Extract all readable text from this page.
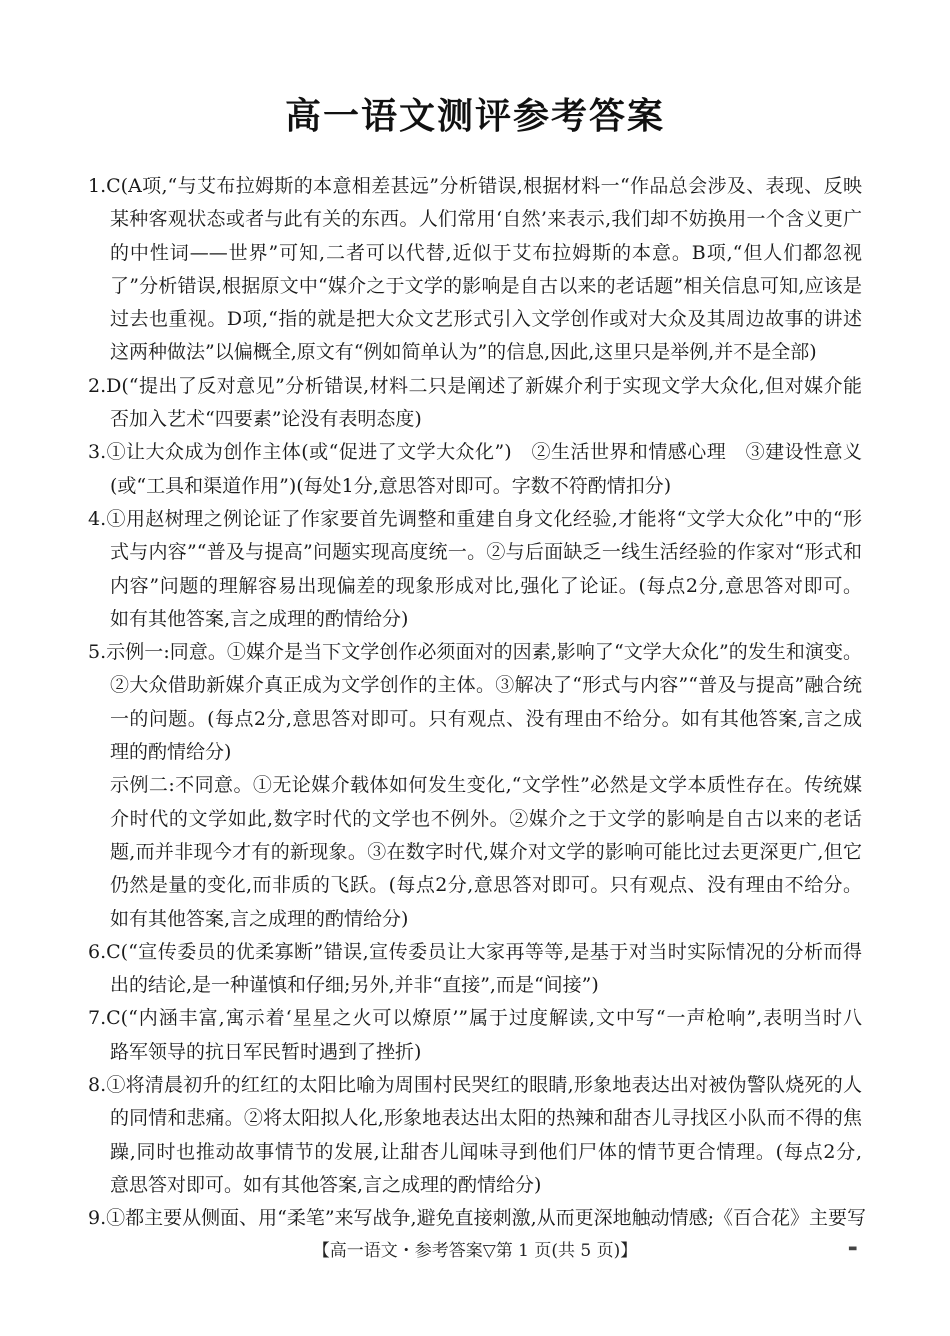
高一语文测评参考答案
1.C(A项,“与艾布拉姆斯的本意相差甚远”分析错误,根据材料一“作品总会涉及、表现、反映
某种客观状态或者与此有关的东西。人们常用‘自然’来表示,我们却不妨换用一个含义更广
的中性词——世界”可知,二者可以代替,近似于艾布拉姆斯的本意。B项,“但人们都忽视
了”分析错误,根据原文中“媒介之于文学的影响是自古以来的老话题”相关信息可知,应该是
过去也重视。D项,“指的就是把大众文艺形式引入文学创作或对大众及其周边故事的讲述
这两种做法”以偏概全,原文有“例如简单认为”的信息,因此,这里只是举例,并不是全部)
2.D(“提出了反对意见”分析错误,材料二只是阐述了新媒介利于实现文学大众化,但对媒介能
否加入艺术“四要素”论没有表明态度)
3.①让大众成为创作主体(或“促进了文学大众化”)　②生活世界和情感心理　③建设性意义
(或“工具和渠道作用”)(每处1分,意思答对即可。字数不符酌情扣分)
4.①用赵树理之例论证了作家要首先调整和重建自身文化经验,才能将“文学大众化”中的“形
式与内容”“普及与提高”问题实现高度统一。②与后面缺乏一线生活经验的作家对“形式和
内容”问题的理解容易出现偏差的现象形成对比,强化了论证。(每点2分,意思答对即可。
如有其他答案,言之成理的酌情给分)
5.示例一:同意。①媒介是当下文学创作必须面对的因素,影响了“文学大众化”的发生和演变。
②大众借助新媒介真正成为文学创作的主体。③解决了“形式与内容”“普及与提高”融合统
一的问题。(每点2分,意思答对即可。只有观点、没有理由不给分。如有其他答案,言之成
理的酌情给分)
示例二:不同意。①无论媒介载体如何发生变化,“文学性”必然是文学本质性存在。传统媒
介时代的文学如此,数字时代的文学也不例外。②媒介之于文学的影响是自古以来的老话
题,而并非现今才有的新现象。③在数字时代,媒介对文学的影响可能比过去更深更广,但它
仍然是量的变化,而非质的飞跃。(每点2分,意思答对即可。只有观点、没有理由不给分。
如有其他答案,言之成理的酌情给分)
6.C(“宣传委员的优柔寡断”错误,宣传委员让大家再等等,是基于对当时实际情况的分析而得
出的结论,是一种谨慎和仔细;另外,并非“直接”,而是“间接”)
7.C(“内涵丰富,寓示着‘星星之火可以燎原’”属于过度解读,文中写“一声枪响”,表明当时八
路军领导的抗日军民暂时遇到了挫折)
8.①将清晨初升的红红的太阳比喻为周围村民哭红的眼睛,形象地表达出对被伪警队烧死的人
的同情和悲痛。②将太阳拟人化,形象地表达出太阳的热辣和甜杏儿寻找区小队而不得的焦
躁,同时也推动故事情节的发展,让甜杏儿闻味寻到他们尸体的情节更合情理。(每点2分,
意思答对即可。如有其他答案,言之成理的酌情给分)
9.①都主要从侧面、用“柔笔”来写战争,避免直接刺激,从而更深地触动情感;《百合花》主要写
【高一语文・参考答案▽第 1 页(共 5 页)】	▬
